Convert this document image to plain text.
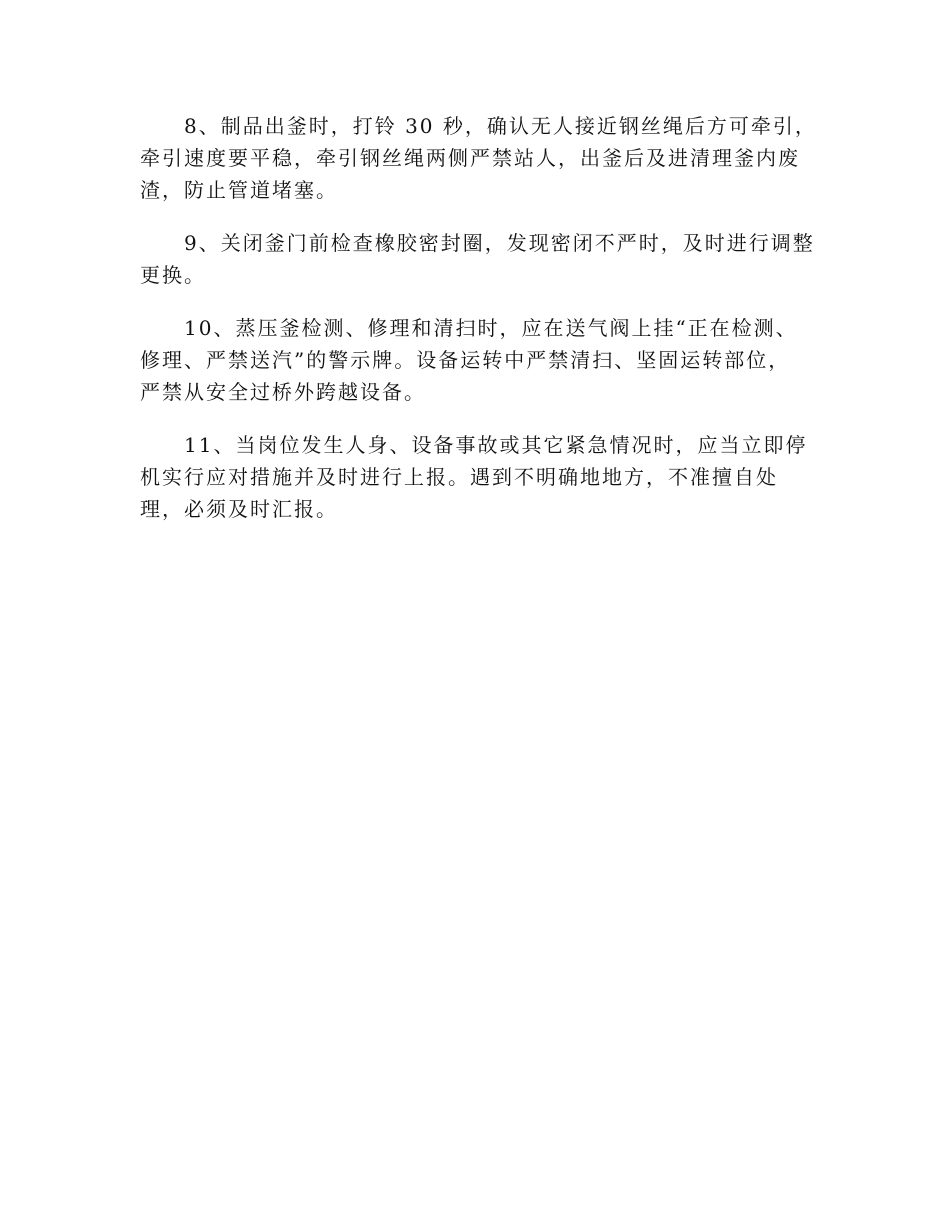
8、制品出釜时，打铃 30 秒，确认无人接近钢丝绳后方可牵引，
牵引速度要平稳，牵引钢丝绳两侧严禁站人，出釜后及进清理釜内废
渣，防止管道堵塞。
9、关闭釜门前检查橡胶密封圈，发现密闭不严时，及时进行调整
更换。
10、蒸压釜检测、修理和清扫时，应在送气阀上挂“正在检测、
修理、严禁送汽”的警示牌。设备运转中严禁清扫、坚固运转部位，
严禁从安全过桥外跨越设备。
11、当岗位发生人身、设备事故或其它紧急情况时，应当立即停
机实行应对措施并及时进行上报。遇到不明确地地方，不准擅自处
理，必须及时汇报。
